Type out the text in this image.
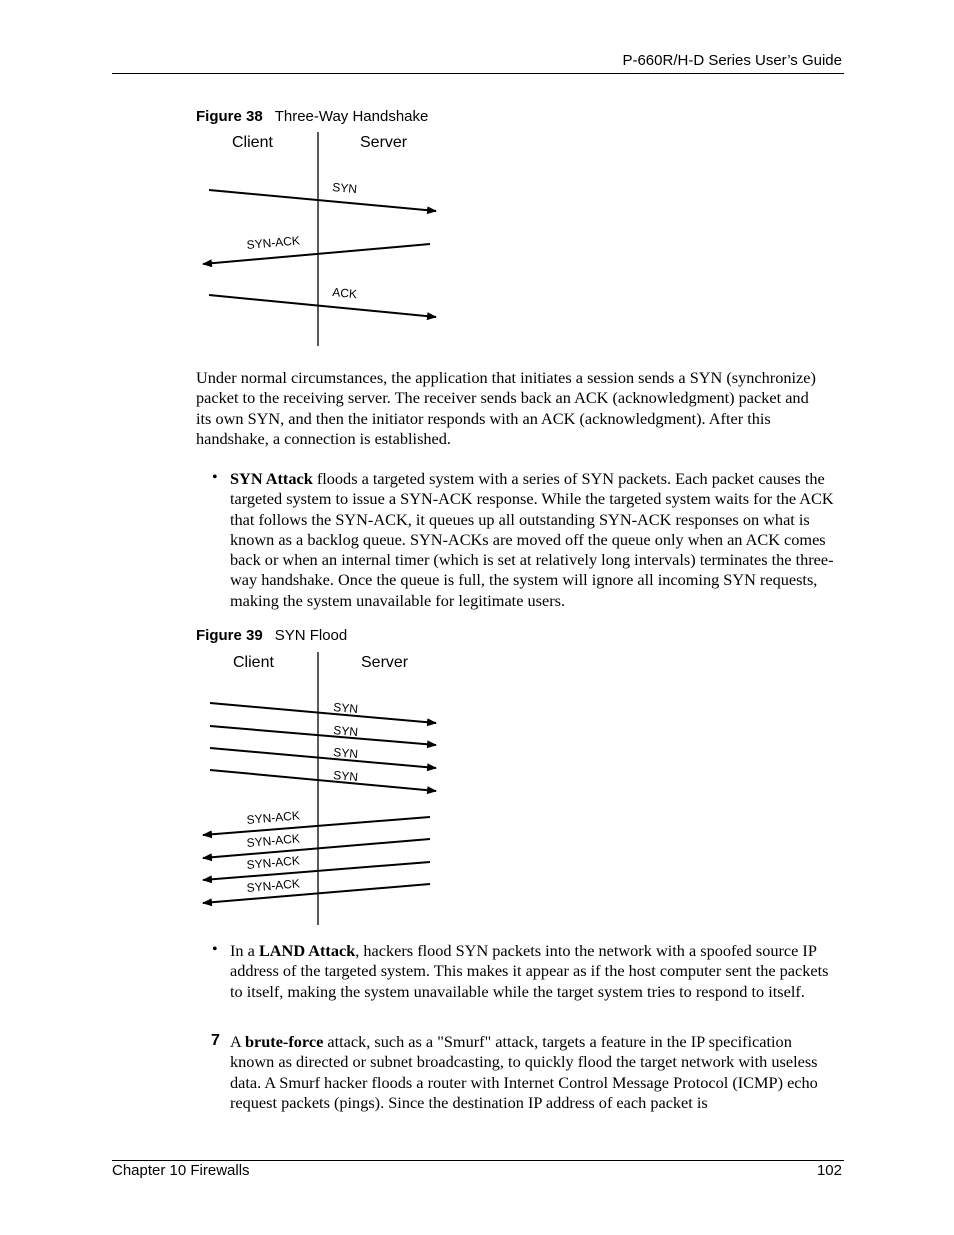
P-660R/H-D Series User’s Guide
Figure 38 Three-Way Handshake
Client	Server
SYN
SYN-ACK
ACK
Under normal circumstances, the application that initiates a session sends a SYN (synchronize) packet to the receiving server. The receiver sends back an ACK (acknowledgment) packet and its own SYN, and then the initiator responds with an ACK (acknowledgment). After this handshake, a connection is established.
• SYN Attack floods a targeted system with a series of SYN packets. Each packet causes the targeted system to issue a SYN-ACK response. While the targeted system waits for the ACK that follows the SYN-ACK, it queues up all outstanding SYN-ACK responses on what is known as a backlog queue. SYN-ACKs are moved off the queue only when an ACK comes back or when an internal timer (which is set at relatively long intervals) terminates the three-way handshake. Once the queue is full, the system will ignore all incoming SYN requests, making the system unavailable for legitimate users.
Figure 39 SYN Flood
Client	Server
SYN
SYN
SYN
SYN
SYN-ACK
SYN-ACK
SYN-ACK
SYN-ACK
• In a LAND Attack, hackers flood SYN packets into the network with a spoofed source IP address of the targeted system. This makes it appear as if the host computer sent the packets to itself, making the system unavailable while the target system tries to respond to itself.
7 A brute-force attack, such as a "Smurf" attack, targets a feature in the IP specification known as directed or subnet broadcasting, to quickly flood the target network with useless data. A Smurf hacker floods a router with Internet Control Message Protocol (ICMP) echo request packets (pings). Since the destination IP address of each packet is
Chapter 10 Firewalls	102
